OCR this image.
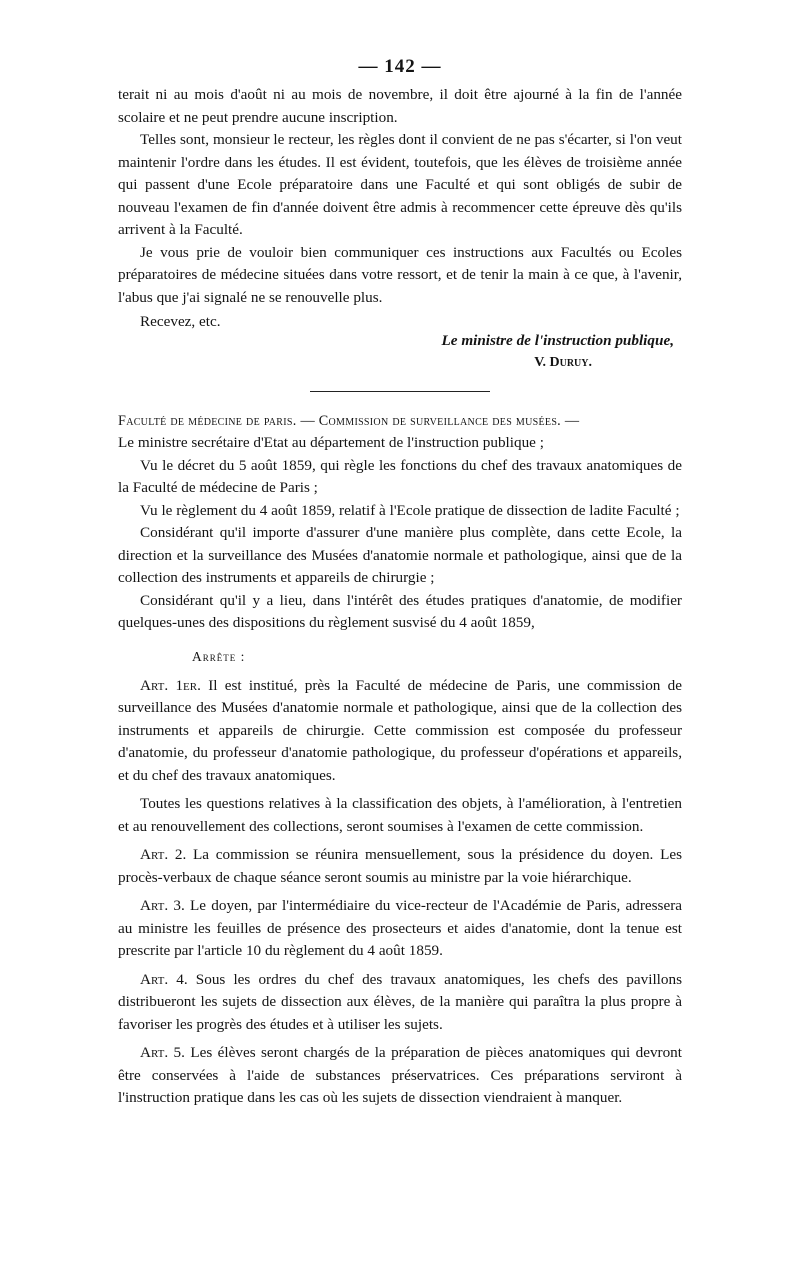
— 142 —

terait ni au mois d'août ni au mois de novembre, il doit être ajourné à la fin de l'année scolaire et ne peut prendre aucune inscription.

Telles sont, monsieur le recteur, les règles dont il convient de ne pas s'écarter, si l'on veut maintenir l'ordre dans les études. Il est évident, toutefois, que les élèves de troisième année qui passent d'une Ecole préparatoire dans une Faculté et qui sont obligés de subir de nouveau l'examen de fin d'année doivent être admis à recommencer cette épreuve dès qu'ils arrivent à la Faculté.

Je vous prie de vouloir bien communiquer ces instructions aux Facultés ou Ecoles préparatoires de médecine situées dans votre ressort, et de tenir la main à ce que, à l'avenir, l'abus que j'ai signalé ne se renouvelle plus.

Recevez, etc.

Le ministre de l'instruction publique,

V. Duruy.

Faculté de médecine de paris. — Commission de surveillance des musées. —

Le ministre secrétaire d'Etat au département de l'instruction publique ;

Vu le décret du 5 août 1859, qui règle les fonctions du chef des travaux anatomiques de la Faculté de médecine de Paris ;

Vu le règlement du 4 août 1859, relatif à l'Ecole pratique de dissection de ladite Faculté ;

Considérant qu'il importe d'assurer d'une manière plus complète, dans cette Ecole, la direction et la surveillance des Musées d'anatomie normale et pathologique, ainsi que de la collection des instruments et appareils de chirurgie ;

Considérant qu'il y a lieu, dans l'intérêt des études pratiques d'anatomie, de modifier quelques-unes des dispositions du règlement susvisé du 4 août 1859,

Arrête :

Art. 1er. Il est institué, près la Faculté de médecine de Paris, une commission de surveillance des Musées d'anatomie normale et pathologique, ainsi que de la collection des instruments et appareils de chirurgie. Cette commission est composée du professeur d'anatomie, du professeur d'anatomie pathologique, du professeur d'opérations et appareils, et du chef des travaux anatomiques.

Toutes les questions relatives à la classification des objets, à l'amélioration, à l'entretien et au renouvellement des collections, seront soumises à l'examen de cette commission.

Art. 2. La commission se réunira mensuellement, sous la présidence du doyen. Les procès-verbaux de chaque séance seront soumis au ministre par la voie hiérarchique.

Art. 3. Le doyen, par l'intermédiaire du vice-recteur de l'Académie de Paris, adressera au ministre les feuilles de présence des prosecteurs et aides d'anatomie, dont la tenue est prescrite par l'article 10 du règlement du 4 août 1859.

Art. 4. Sous les ordres du chef des travaux anatomiques, les chefs des pavillons distribueront les sujets de dissection aux élèves, de la manière qui paraîtra la plus propre à favoriser les progrès des études et à utiliser les sujets.

Art. 5. Les élèves seront chargés de la préparation de pièces anatomiques qui devront être conservées à l'aide de substances préservatrices. Ces préparations serviront à l'instruction pratique dans les cas où les sujets de dissection viendraient à manquer.
